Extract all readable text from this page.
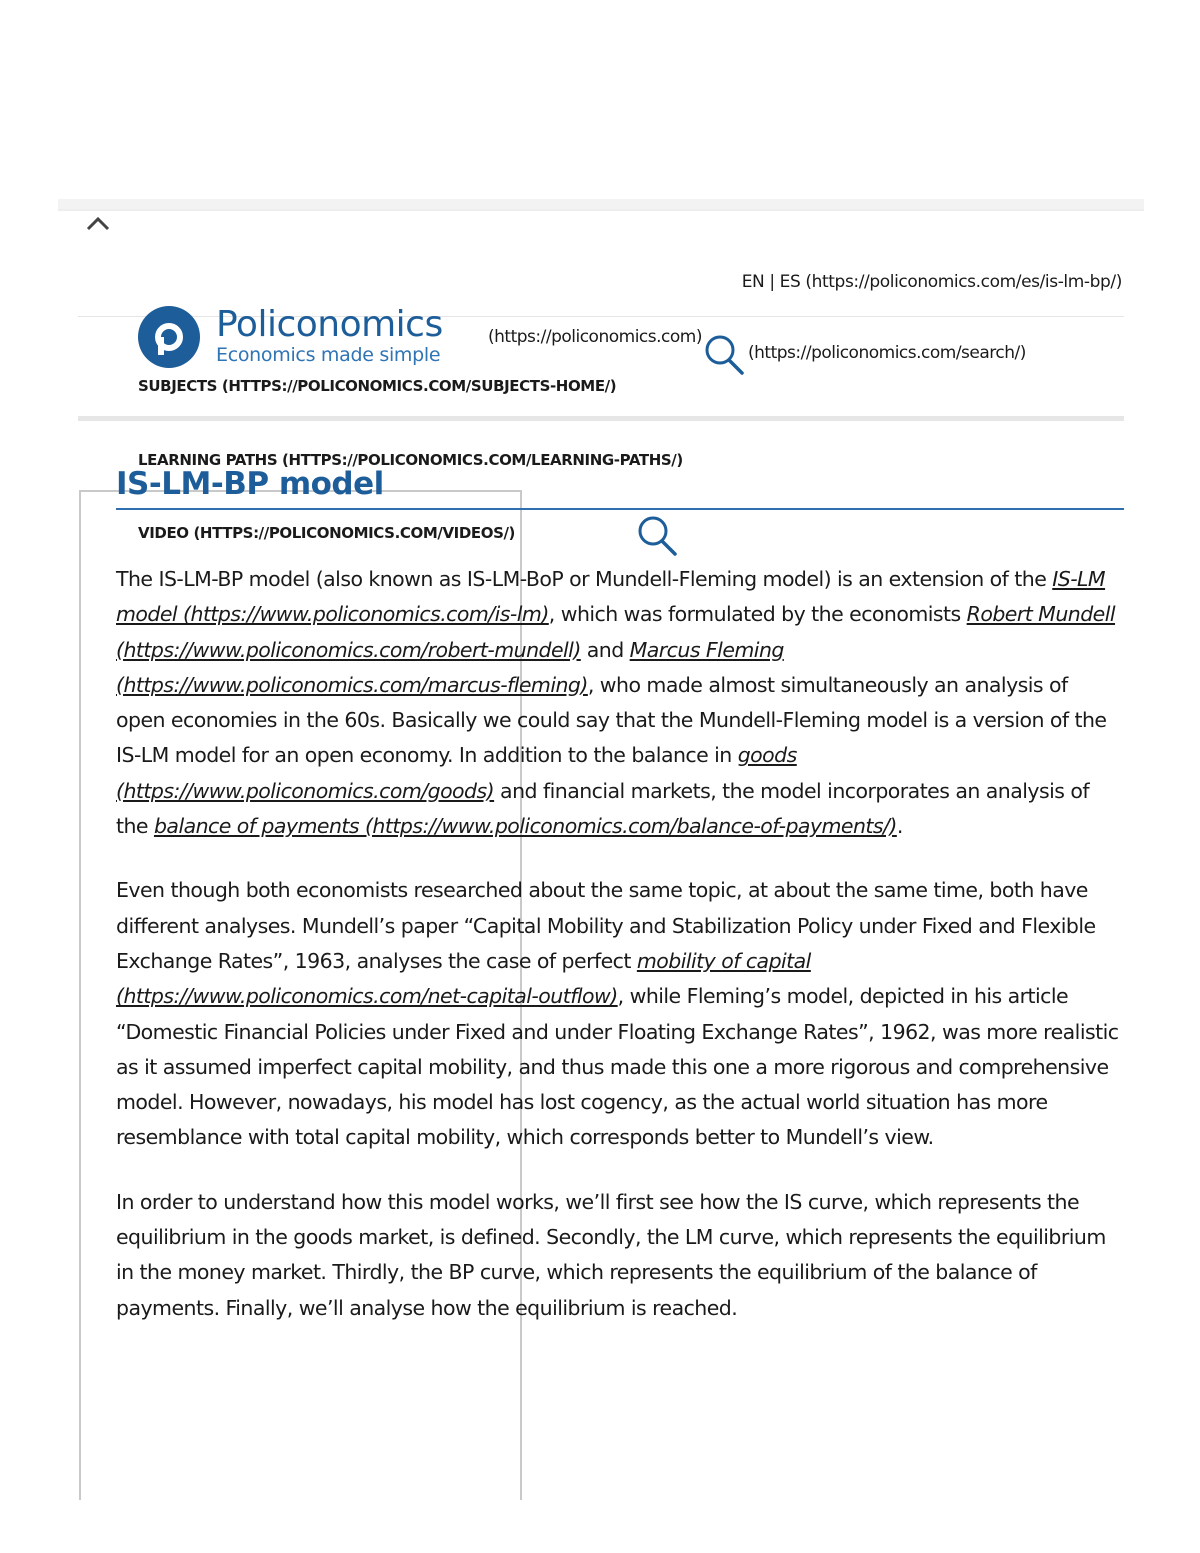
EN | ES (https://policonomics.com/es/is-lm-bp/)
Policonomics
Economics made simple
(https://policonomics.com)
(https://policonomics.com/search/)
SUBJECTS (HTTPS://POLICONOMICS.COM/SUBJECTS-HOME/)
IS-LM-BP model
LEARNING PATHS (HTTPS://POLICONOMICS.COM/LEARNING-PATHS/)
VIDEO (HTTPS://POLICONOMICS.COM/VIDEOS/)

The IS-LM-BP model (also known as IS-LM-BoP or Mundell-Fleming model) is an extension of the IS-LM model (https://www.policonomics.com/is-lm), which was formulated by the economists Robert Mundell (https://www.policonomics.com/robert-mundell) and Marcus Fleming (https://www.policonomics.com/marcus-fleming), who made almost simultaneously an analysis of open economies in the 60s. Basically we could say that the Mundell-Fleming model is a version of the IS-LM model for an open economy. In addition to the balance in goods (https://www.policonomics.com/goods) and financial markets, the model incorporates an analysis of the balance of payments (https://www.policonomics.com/balance-of-payments/).

Even though both economists researched about the same topic, at about the same time, both have different analyses. Mundell’s paper “Capital Mobility and Stabilization Policy under Fixed and Flexible Exchange Rates”, 1963, analyses the case of perfect mobility of capital (https://www.policonomics.com/net-capital-outflow), while Fleming’s model, depicted in his article “Domestic Financial Policies under Fixed and under Floating Exchange Rates”, 1962, was more realistic as it assumed imperfect capital mobility, and thus made this one a more rigorous and comprehensive model. However, nowadays, his model has lost cogency, as the actual world situation has more resemblance with total capital mobility, which corresponds better to Mundell’s view.

In order to understand how this model works, we’ll first see how the IS curve, which represents the equilibrium in the goods market, is defined. Secondly, the LM curve, which represents the equilibrium in the money market. Thirdly, the BP curve, which represents the equilibrium of the balance of payments. Finally, we’ll analyse how the equilibrium is reached.
